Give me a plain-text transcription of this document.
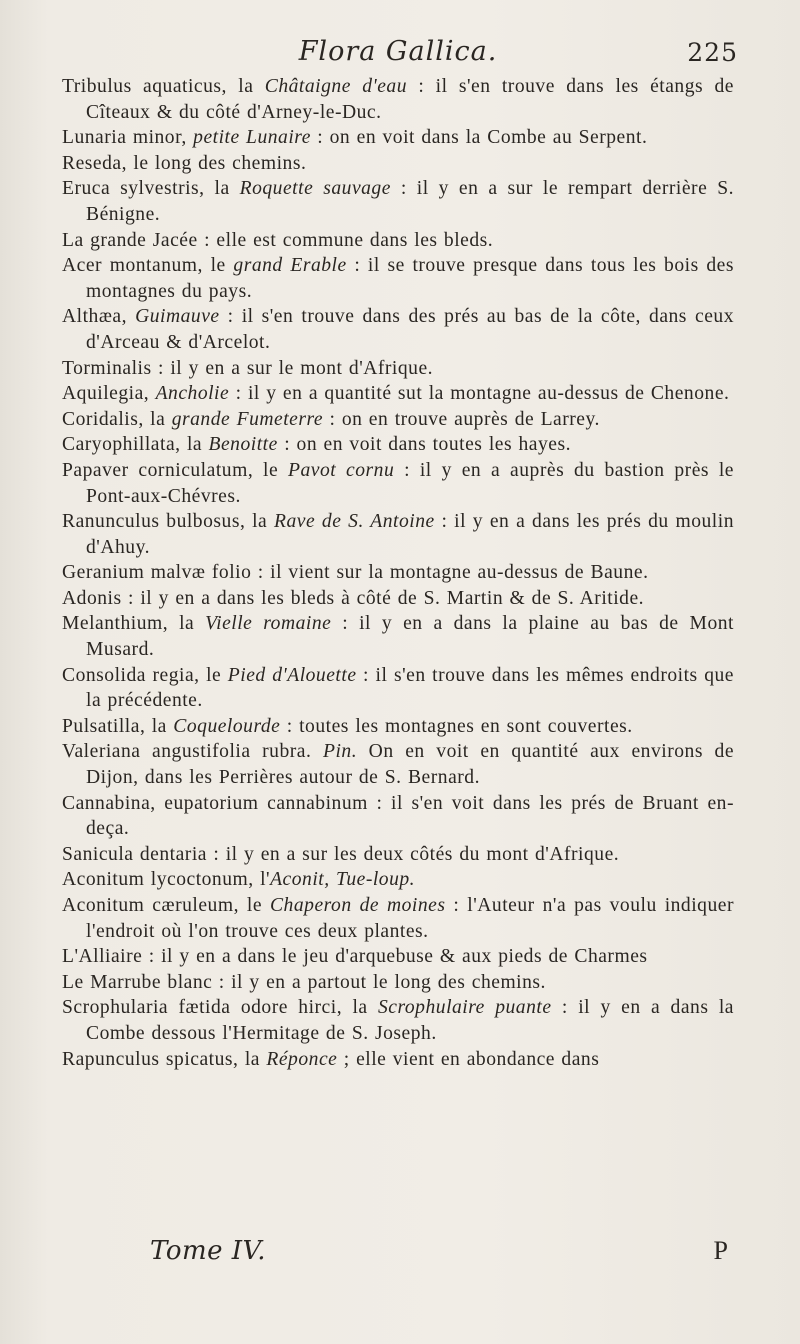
Flora Gallica.	225
Tribulus aquaticus, la Châtaigne d'eau : il s'en trouve dans les étangs de Cîteaux & du côté d'Arney-le-Duc.
Lunaria minor, petite Lunaire : on en voit dans la Combe au Serpent.
Reseda, le long des chemins.
Eruca sylvestris, la Roquette sauvage : il y en a sur le rempart derrière S. Bénigne.
La grande Jacée : elle est commune dans les bleds.
Acer montanum, le grand Erable : il se trouve presque dans tous les bois des montagnes du pays.
Althæa, Guimauve : il s'en trouve dans des prés au bas de la côte, dans ceux d'Arceau & d'Arcelot.
Torminalis : il y en a sur le mont d'Afrique.
Aquilegia, Ancholie : il y en a quantité sut la montagne au-dessus de Chenone.
Coridalis, la grande Fumeterre : on en trouve auprès de Larrey.
Caryophillata, la Benoitte : on en voit dans toutes les hayes.
Papaver corniculatum, le Pavot cornu : il y en a auprès du bastion près le Pont-aux-Chévres.
Ranunculus bulbosus, la Rave de S. Antoine : il y en a dans les prés du moulin d'Ahuy.
Geranium malvæ folio : il vient sur la montagne au-dessus de Baune.
Adonis : il y en a dans les bleds à côté de S. Martin & de S. Aritide.
Melanthium, la Vielle romaine : il y en a dans la plaine au bas de Mont Musard.
Consolida regia, le Pied d'Alouette : il s'en trouve dans les mêmes endroits que la précédente.
Pulsatilla, la Coquelourde : toutes les montagnes en sont couvertes.
Valeriana angustifolia rubra. Pin. On en voit en quantité aux environs de Dijon, dans les Perrières autour de S. Bernard.
Cannabina, eupatorium cannabinum : il s'en voit dans les prés de Bruant en-deça.
Sanicula dentaria : il y en a sur les deux côtés du mont d'Afrique.
Aconitum lycoctonum, l'Aconit, Tue-loup.
Aconitum cæruleum, le Chaperon de moines : l'Auteur n'a pas voulu indiquer l'endroit où l'on trouve ces deux plantes.
L'Alliaire : il y en a dans le jeu d'arquebuse & aux pieds de Charmes
Le Marrube blanc : il y en a partout le long des chemins.
Scrophularia fætida odore hirci, la Scrophulaire puante : il y en a dans la Combe dessous l'Hermitage de S. Joseph.
Rapunculus spicatus, la Réponce ; elle vient en abondance dans
Tome IV.	P
